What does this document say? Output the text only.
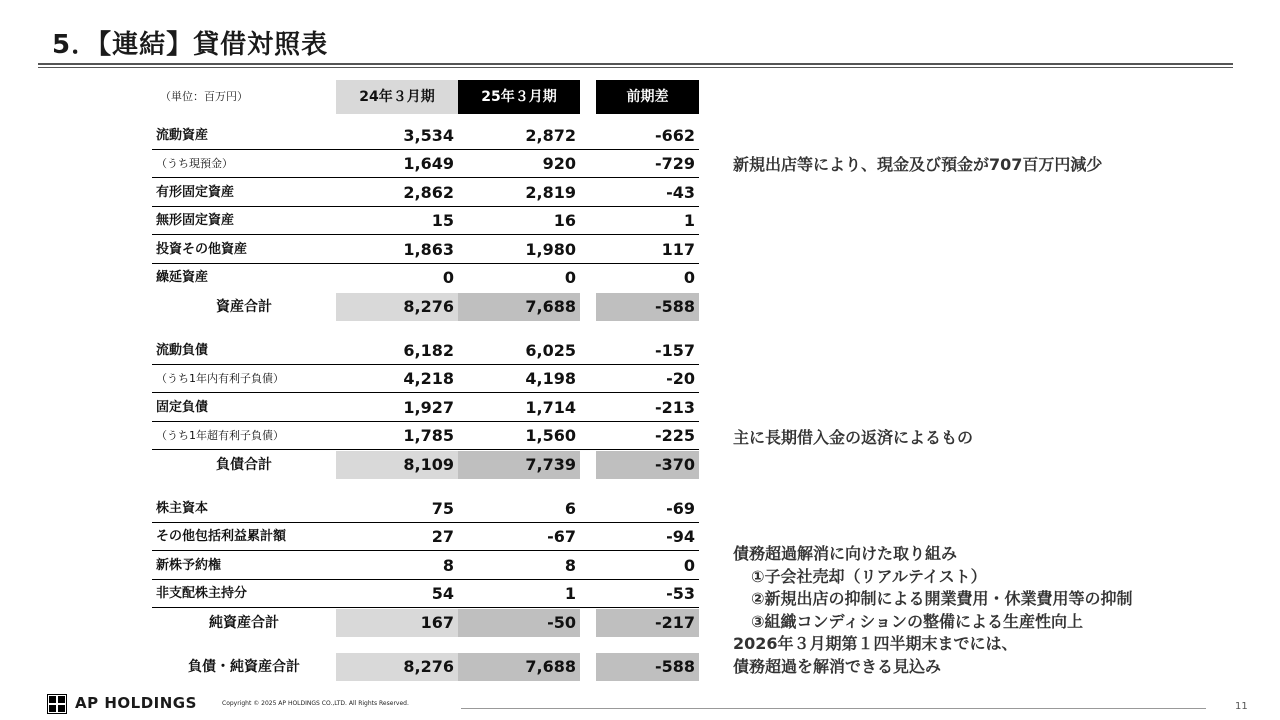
5．【連結】貸借対照表
（単位：百万円）	24年３月期	25年３月期	前期差
流動資産	3,534	2,872	-662
（うち現預金）	1,649	920	-729
有形固定資産	2,862	2,819	-43
無形固定資産	15	16	1
投資その他資産	1,863	1,980	117
繰延資産	0	0	0
資産合計	8,276	7,688	-588
流動負債	6,182	6,025	-157
（うち1年内有利子負債）	4,218	4,198	-20
固定負債	1,927	1,714	-213
（うち1年超有利子負債）	1,785	1,560	-225
負債合計	8,109	7,739	-370
株主資本	75	6	-69
その他包括利益累計額	27	-67	-94
新株予約権	8	8	0
非支配株主持分	54	1	-53
純資産合計	167	-50	-217
負債・純資産合計	8,276	7,688	-588
新規出店等により、現金及び預金が707百万円減少
主に長期借入金の返済によるもの
債務超過解消に向けた取り組み
①子会社売却（リアルテイスト）
②新規出店の抑制による開業費用・休業費用等の抑制
③組織コンディションの整備による生産性向上
2026年３月期第１四半期末までには、
債務超過を解消できる見込み
AP HOLDINGS	Copyright © 2025 AP HOLDINGS CO.,LTD. All Rights Reserved.	11
